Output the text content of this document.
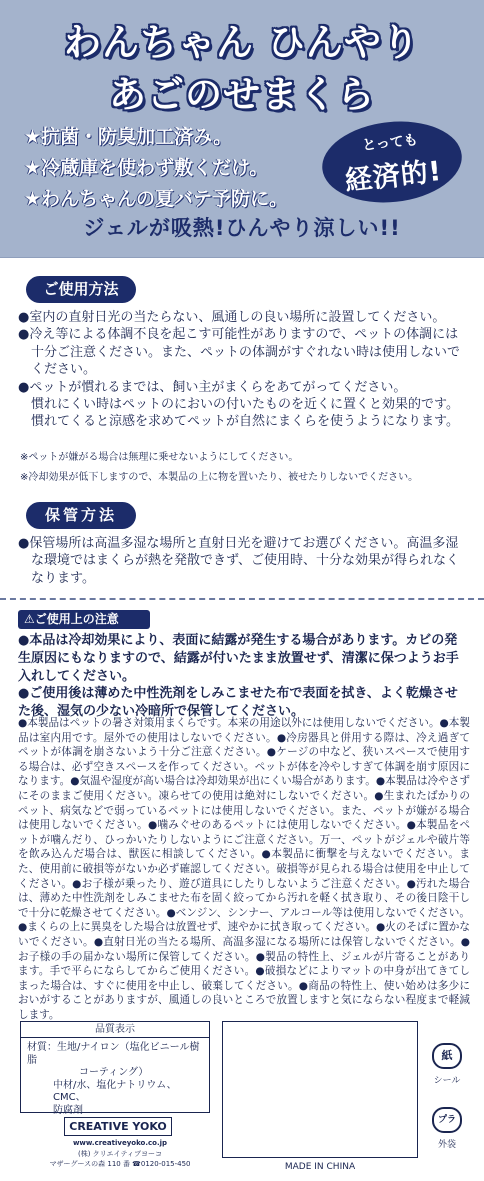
わんちゃん ひんやり
あごのせまくら
★抗菌・防臭加工済み。
★冷蔵庫を使わず敷くだけ。
★わんちゃんの夏バテ予防に。
とっても
経済的!
ジェルが吸熱!ひんやり涼しい!!
ご使用方法

●室内の直射日光の当たらない、風通しの良い場所に設置してください。

●冷え等による体調不良を起こす可能性がありますので、ペットの体調には十分ご注意ください。また、ペットの体調がすぐれない時は使用しないでください。

●ペットが慣れるまでは、飼い主がまくらをあてがってください。

慣れにくい時はペットのにおいの付いたものを近くに置くと効果的です。慣れてくると涼感を求めてペットが自然にまくらを使うようになります。

※ペットが嫌がる場合は無理に乗せないようにしてください。
※冷却効果が低下しますので、本製品の上に物を置いたり、被せたりしないでください。
保管方法

●保管場所は高温多湿な場所と直射日光を避けてお選びください。高温多湿な環境ではまくらが熱を発散できず、ご使用時、十分な効果が得られなくなります。

⚠ご使用上の注意
●本品は冷却効果により、表面に結露が発生する場合があります。カビの発生原因にもなりますので、結露が付いたまま放置せず、清潔に保つようお手入れしてください。
●ご使用後は薄めた中性洗剤をしみこませた布で表面を拭き、よく乾燥させた後、湿気の少ない冷暗所で保管してください。
●本製品はペットの暑さ対策用まくらです。本来の用途以外には使用しないでください。●本製品は室内用です。屋外での使用はしないでください。●冷房器具と併用する際は、冷え過ぎてペットが体調を崩さないよう十分ご注意ください。●ケージの中など、狭いスペースで使用する場合は、必ず空きスペースを作ってください。ペットが体を冷やしすぎて体調を崩す原因になります。●気温や湿度が高い場合は冷却効果が出にくい場合があります。●本製品は冷やさずにそのままご使用ください。凍らせての使用は絶対にしないでください。●生まれたばかりのペット、病気などで弱っているペットには使用しないでください。また、ペットが嫌がる場合は使用しないでください。●噛みぐせのあるペットには使用しないでください。●本製品をペットが噛んだり、ひっかいたりしないようにご注意ください。万一、ペットがジェルや破片等を飲み込んだ場合は、獣医に相談してください。●本製品に衝撃を与えないでください。また、使用前に破損等がないか必ず確認してください。破損等が見られる場合は使用を中止してください。●お子様が乗ったり、遊び道具にしたりしないようご注意ください。●汚れた場合は、薄めた中性洗剤をしみこませた布を固く絞ってから汚れを軽く拭き取り、その後日陰干しで十分に乾燥させてください。●ベンジン、シンナー、アルコール等は使用しないでください。●まくらの上に異臭をした場合は放置せず、速やかに拭き取ってください。●火のそばに置かないでください。●直射日光の当たる場所、高温多湿になる場所には保管しないでください。●お子様の手の届かない場所に保管してください。●製品の特性上、ジェルが片寄ることがあります。手で平らにならしてからご使用ください。●破損などによりマットの中身が出てきてしまった場合は、すぐに使用を中止し、破棄してください。●商品の特性上、使い始めは多少においがすることがありますが、風通しの良いところで放置しますと気にならない程度まで軽減します。
品質表示
材質：生地/ナイロン（塩化ビニール樹脂
コーティング）
中材/水、塩化ナトリウム、CMC、
防腐剤
CREATIVE YOKO
www.creativeyoko.co.jp
(株) クリエイティブヨーコ
マザーグースの森 110 番 ☎0120-015-450	MADE IN CHINA
紙
シール
プラ
外袋
